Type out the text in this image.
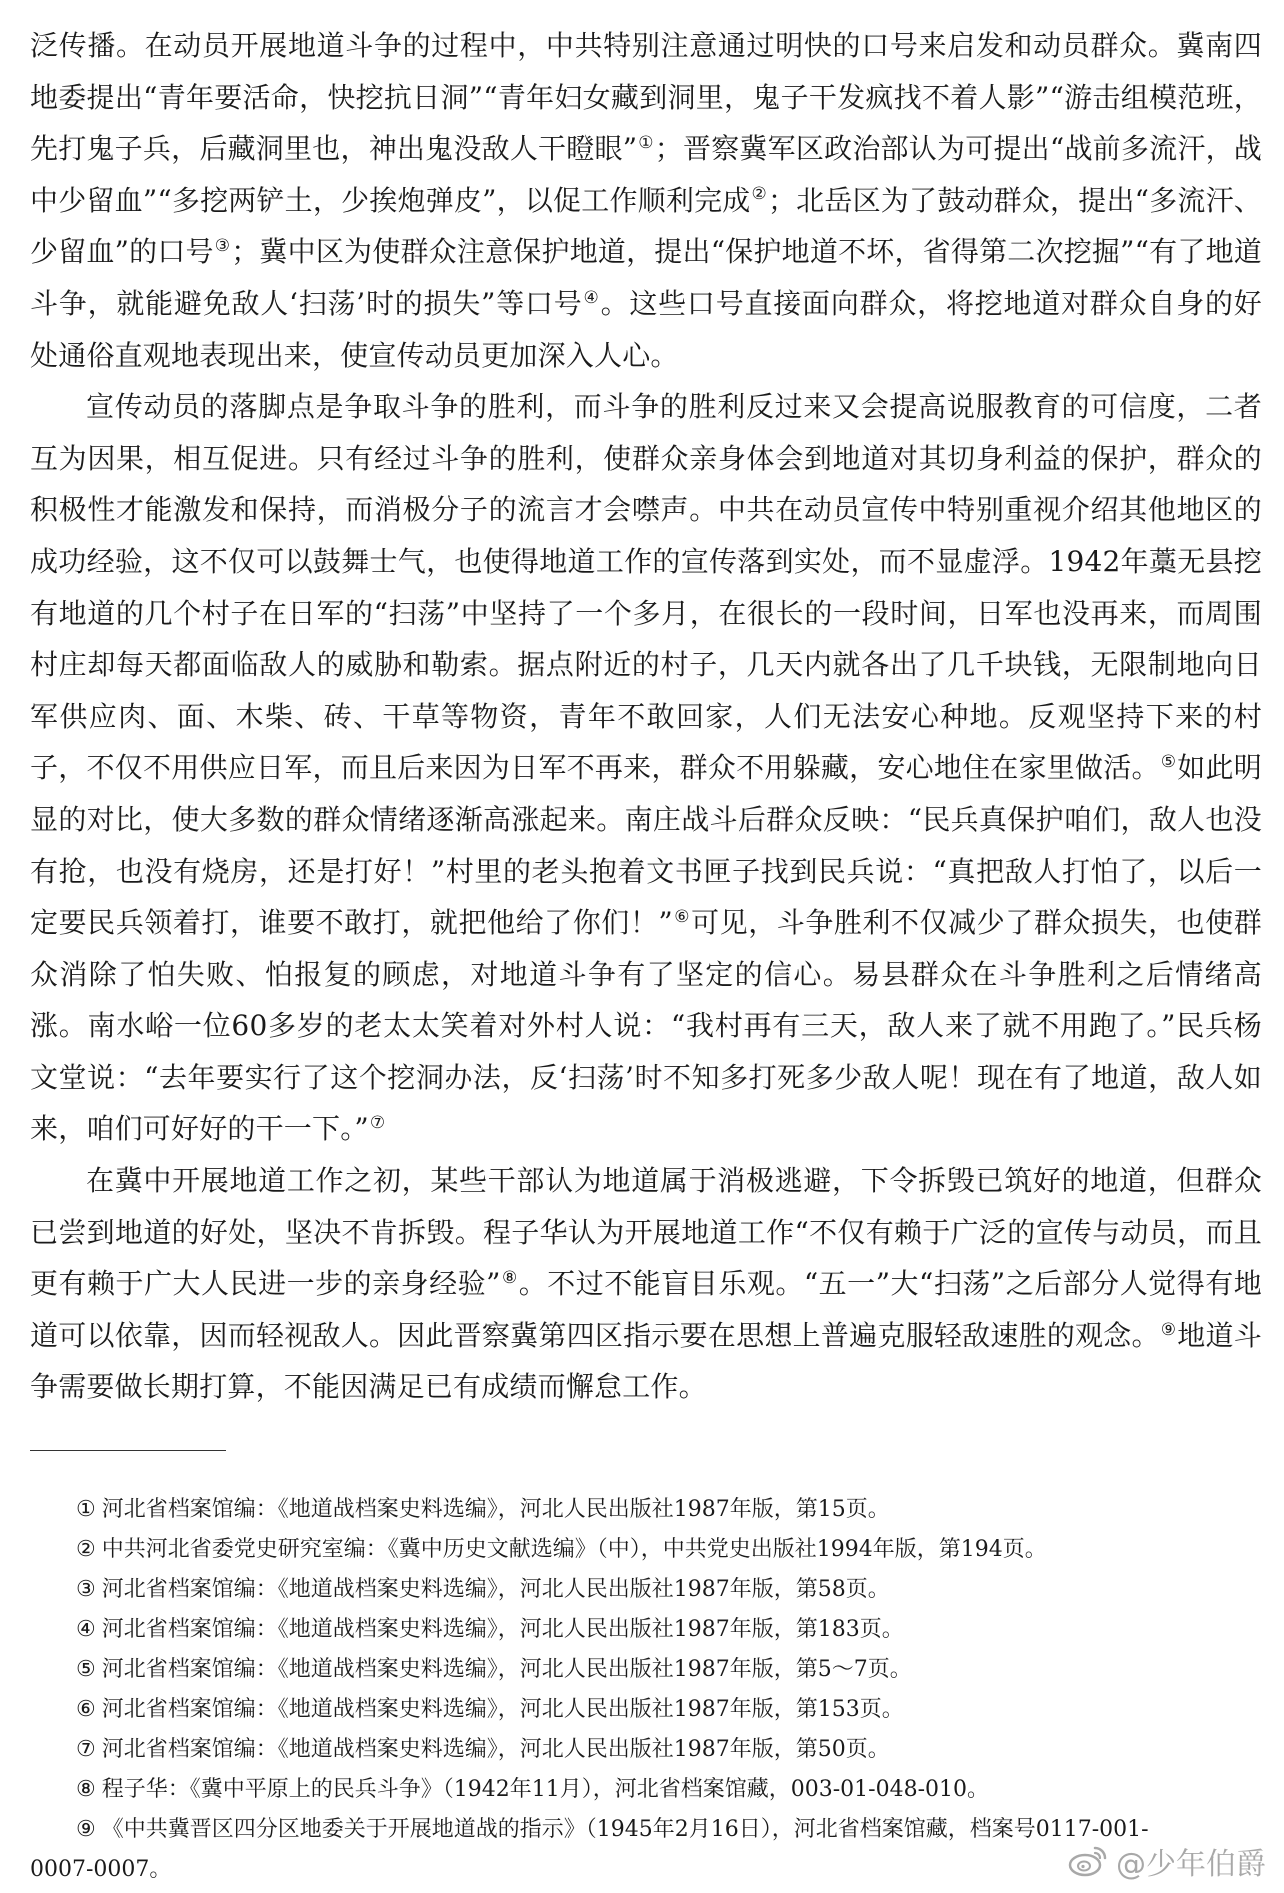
泛传播。在动员开展地道斗争的过程中，中共特别注意通过明快的口号来启发和动员群众。冀南四地委提出“青年要活命，快挖抗日洞”“青年妇女藏到洞里，鬼子干发疯找不着人影”“游击组模范班，先打鬼子兵，后藏洞里也，神出鬼没敌人干瞪眼”①；晋察冀军区政治部认为可提出“战前多流汗，战中少留血”“多挖两铲土，少挨炮弹皮”，以促工作顺利完成②；北岳区为了鼓动群众，提出“多流汗、少留血”的口号③；冀中区为使群众注意保护地道，提出“保护地道不坏，省得第二次挖掘”“有了地道斗争，就能避免敌人‘扫荡’时的损失”等口号④。这些口号直接面向群众，将挖地道对群众自身的好处通俗直观地表现出来，使宣传动员更加深入人心。

宣传动员的落脚点是争取斗争的胜利，而斗争的胜利反过来又会提高说服教育的可信度，二者互为因果，相互促进。只有经过斗争的胜利，使群众亲身体会到地道对其切身利益的保护，群众的积极性才能激发和保持，而消极分子的流言才会噤声。中共在动员宣传中特别重视介绍其他地区的成功经验，这不仅可以鼓舞士气，也使得地道工作的宣传落到实处，而不显虚浮。1942年藁无县挖有地道的几个村子在日军的“扫荡”中坚持了一个多月，在很长的一段时间，日军也没再来，而周围村庄却每天都面临敌人的威胁和勒索。据点附近的村子，几天内就各出了几千块钱，无限制地向日军供应肉、面、木柴、砖、干草等物资，青年不敢回家，人们无法安心种地。反观坚持下来的村子，不仅不用供应日军，而且后来因为日军不再来，群众不用躲藏，安心地住在家里做活。⑤如此明显的对比，使大多数的群众情绪逐渐高涨起来。南庄战斗后群众反映：“民兵真保护咱们，敌人也没有抢，也没有烧房，还是打好！”村里的老头抱着文书匣子找到民兵说：“真把敌人打怕了，以后一定要民兵领着打，谁要不敢打，就把他给了你们！”⑥可见，斗争胜利不仅减少了群众损失，也使群众消除了怕失败、怕报复的顾虑，对地道斗争有了坚定的信心。易县群众在斗争胜利之后情绪高涨。南水峪一位60多岁的老太太笑着对外村人说：“我村再有三天，敌人来了就不用跑了。”民兵杨文堂说：“去年要实行了这个挖洞办法，反‘扫荡’时不知多打死多少敌人呢！现在有了地道，敌人如来，咱们可好好的干一下。”⑦

在冀中开展地道工作之初，某些干部认为地道属于消极逃避，下令拆毁已筑好的地道，但群众已尝到地道的好处，坚决不肯拆毁。程子华认为开展地道工作“不仅有赖于广泛的宣传与动员，而且更有赖于广大人民进一步的亲身经验”⑧。不过不能盲目乐观。“五一”大“扫荡”之后部分人觉得有地道可以依靠，因而轻视敌人。因此晋察冀第四区指示要在思想上普遍克服轻敌速胜的观念。⑨地道斗争需要做长期打算，不能因满足已有成绩而懈怠工作。

① 河北省档案馆编：《地道战档案史料选编》，河北人民出版社1987年版，第15页。

② 中共河北省委党史研究室编：《冀中历史文献选编》（中），中共党史出版社1994年版，第194页。

③ 河北省档案馆编：《地道战档案史料选编》，河北人民出版社1987年版，第58页。

④ 河北省档案馆编：《地道战档案史料选编》，河北人民出版社1987年版，第183页。

⑤ 河北省档案馆编：《地道战档案史料选编》，河北人民出版社1987年版，第5～7页。

⑥ 河北省档案馆编：《地道战档案史料选编》，河北人民出版社1987年版，第153页。

⑦ 河北省档案馆编：《地道战档案史料选编》，河北人民出版社1987年版，第50页。

⑧ 程子华：《冀中平原上的民兵斗争》（1942年11月），河北省档案馆藏，003-01-048-010。

⑨ 《中共冀晋区四分区地委关于开展地道战的指示》（1945年2月16日），河北省档案馆藏，档案号0117-001-

0007-0007。	@少年伯爵
